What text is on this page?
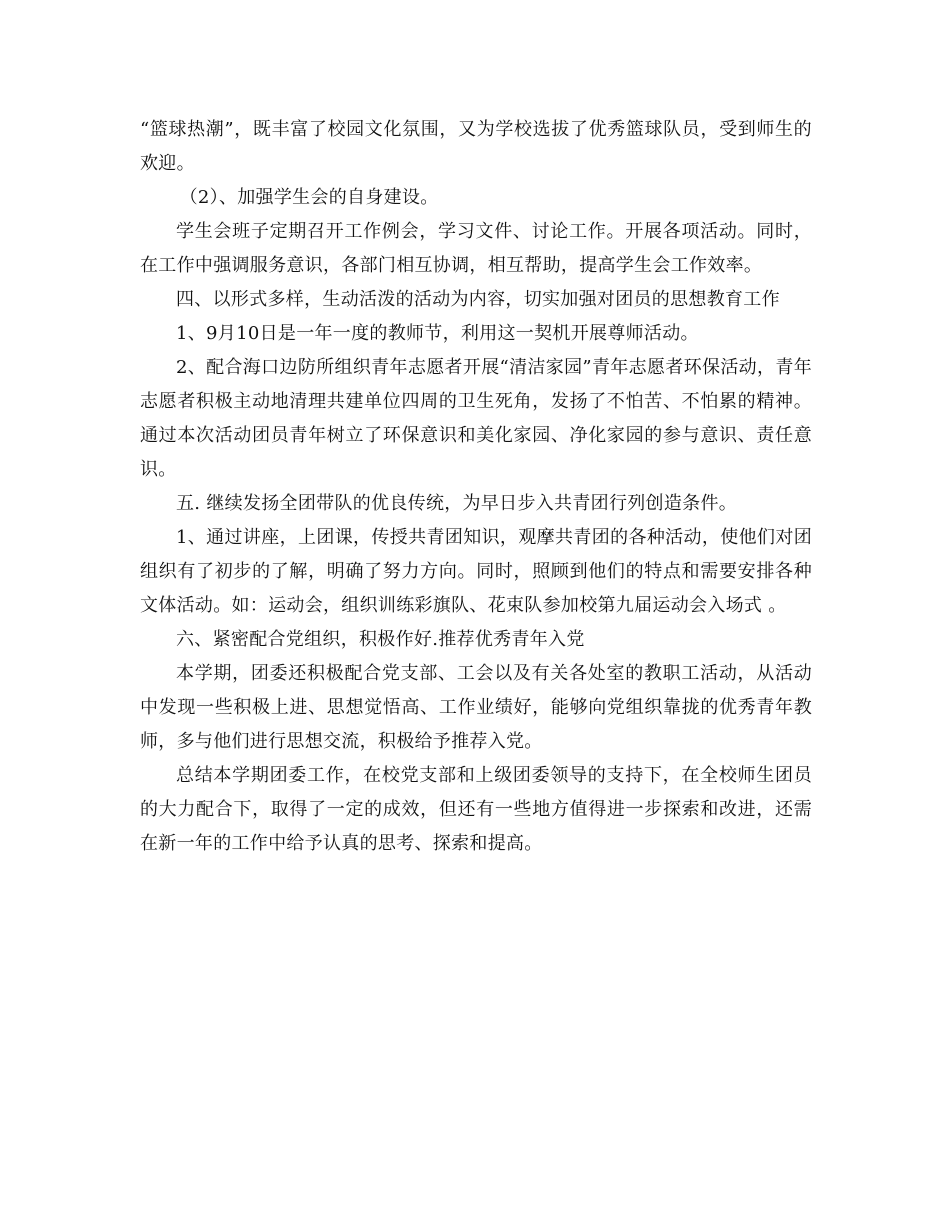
“篮球热潮”，既丰富了校园文化氛围，又为学校选拔了优秀篮球队员，受到师生的欢迎。

（2）、加强学生会的自身建设。

学生会班子定期召开工作例会，学习文件、讨论工作。开展各项活动。同时，在工作中强调服务意识，各部门相互协调，相互帮助，提高学生会工作效率。

四、以形式多样，生动活泼的活动为内容，切实加强对团员的思想教育工作

1、9月10日是一年一度的教师节，利用这一契机开展尊师活动。

2、配合海口边防所组织青年志愿者开展“清洁家园”青年志愿者环保活动，青年志愿者积极主动地清理共建单位四周的卫生死角，发扬了不怕苦、不怕累的精神。通过本次活动团员青年树立了环保意识和美化家园、净化家园的参与意识、责任意识。

五. 继续发扬全团带队的优良传统，为早日步入共青团行列创造条件。

1、通过讲座，上团课，传授共青团知识，观摩共青团的各种活动，使他们对团组织有了初步的了解，明确了努力方向。同时，照顾到他们的特点和需要安排各种文体活动。如：运动会，组织训练彩旗队、花束队参加校第九届运动会入场式 。

六、紧密配合党组织，积极作好.推荐优秀青年入党

本学期，团委还积极配合党支部、工会以及有关各处室的教职工活动，从活动中发现一些积极上进、思想觉悟高、工作业绩好，能够向党组织靠拢的优秀青年教师，多与他们进行思想交流，积极给予推荐入党。

总结本学期团委工作，在校党支部和上级团委领导的支持下，在全校师生团员的大力配合下，取得了一定的成效，但还有一些地方值得进一步探索和改进，还需在新一年的工作中给予认真的思考、探索和提高。
